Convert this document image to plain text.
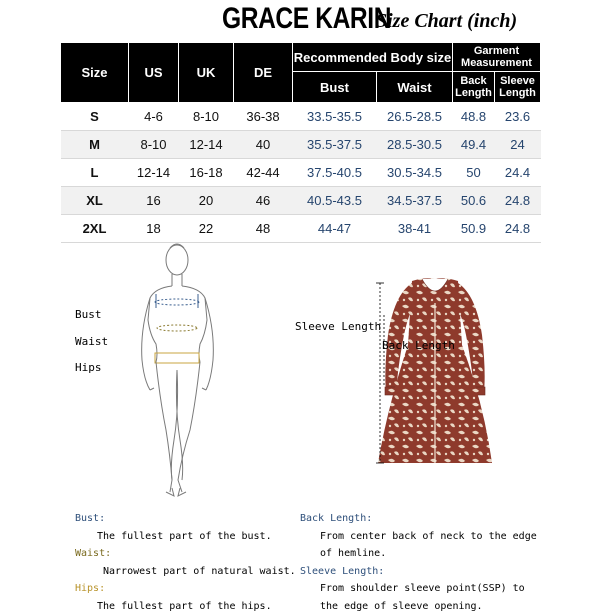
GRACE KARIN
Size Chart (inch)
Size	US	UK	DE	Recommended Body size		Garment Measurement	
				Bust	Waist	Back Length	Sleeve Length
S	4-6	8-10	36-38	33.5-35.5	26.5-28.5	48.8	23.6
M	8-10	12-14	40	35.5-37.5	28.5-30.5	49.4	24
L	12-14	16-18	42-44	37.5-40.5	30.5-34.5	50	24.4
XL	16	20	46	40.5-43.5	34.5-37.5	50.6	24.8
2XL	18	22	48	44-47	38-41	50.9	24.8
Bust
Waist
Hips
Sleeve Length
Back Length
Bust:
The fullest part of the bust.
Waist:
Narrowest part of natural waist.
Hips:
The fullest part of the hips.
Back Length:
From center back of neck to the edge
of hemline.
Sleeve Length:
From shoulder sleeve point(SSP) to
the edge of sleeve opening.
